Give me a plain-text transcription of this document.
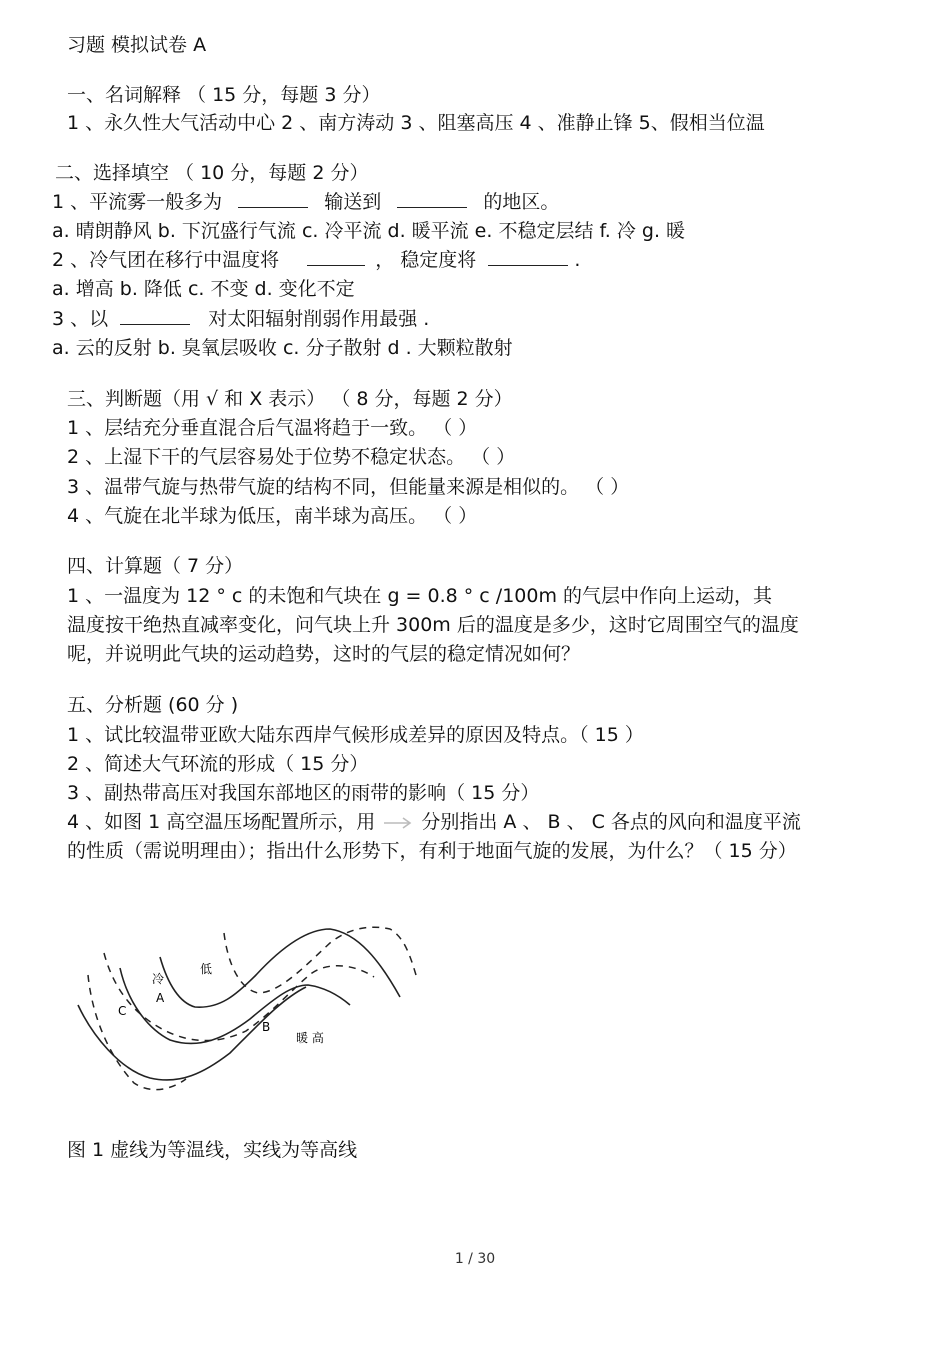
习题 模拟试卷 A
一、名词解释 （ 15 分，每题 3 分）
1 、永久性大气活动中心 2 、南方涛动 3 、阻塞高压 4 、准静止锋 5、假相当位温
二、选择填空 （ 10 分，每题 2 分）
1 、平流雾一般多为	输送到	的地区。
a. 晴朗静风 b. 下沉盛行气流 c. 冷平流 d. 暖平流 e. 不稳定层结 f. 冷 g. 暖
2 、冷气团在移行中温度将	， 稳定度将	.
a. 增高 b. 降低 c. 不变 d. 变化不定
3 、以	对太阳辐射削弱作用最强 .
a. 云的反射 b. 臭氧层吸收 c. 分子散射 d . 大颗粒散射
三、判断题（用 √ 和 X 表示） （ 8 分，每题 2 分）
1 、层结充分垂直混合后气温将趋于一致。 （ ）
2 、上湿下干的气层容易处于位势不稳定状态。 （ ）
3 、温带气旋与热带气旋的结构不同，但能量来源是相似的。 （ ）
4 、气旋在北半球为低压，南半球为高压。 （ ）
四、计算题（ 7 分）
1 、一温度为 12 ° c 的未饱和气块在 g = 0.8 ° c /100m 的气层中作向上运动，其
温度按干绝热直减率变化，问气块上升 300m 后的温度是多少，这时它周围空气的温度
呢，并说明此气块的运动趋势，这时的气层的稳定情况如何？
五、分析题 (60 分 )
1 、试比较温带亚欧大陆东西岸气候形成差异的原因及特点。（ 15 ）
2 、简述大气环流的形成（ 15 分）
3 、副热带高压对我国东部地区的雨带的影响（ 15 分）
4 、如图 1 高空温压场配置所示，用 分别指出 A 、 B 、 C 各点的风向和温度平流
的性质（需说明理由）；指出什么形势下，有利于地面气旋的发展，为什么？（ 15 分）
冷
低
暖 高
A
B
C
图 1 虚线为等温线，实线为等高线
1 / 30
